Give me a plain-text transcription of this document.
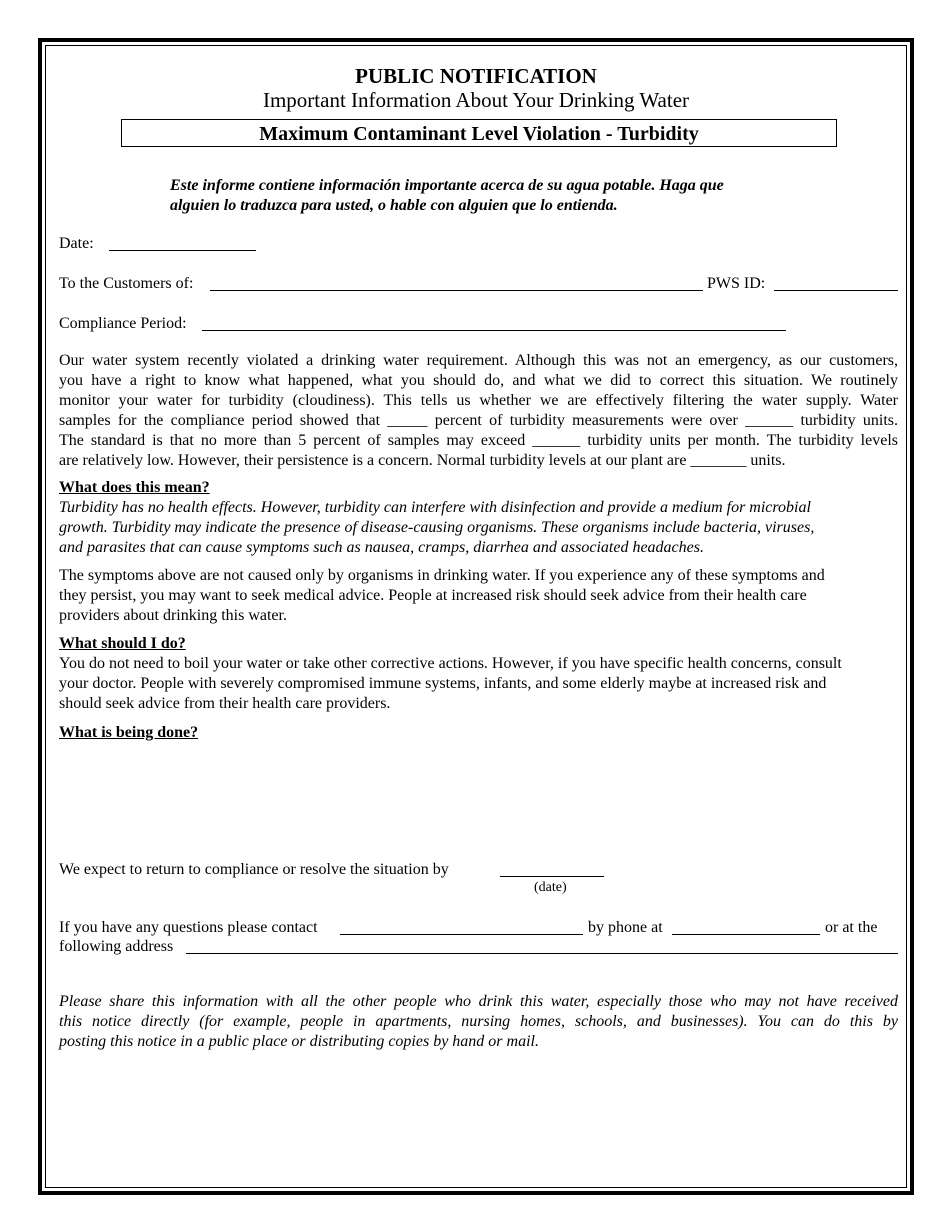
PUBLIC NOTIFICATION
Important Information About Your Drinking Water
Maximum Contaminant Level Violation - Turbidity
Este informe contiene información importante acerca de su agua potable. Haga que
alguien lo traduzca para usted, o hable con alguien que lo entienda.
Date:
To the Customers of:	PWS ID:
Compliance Period:
Our water system recently violated a drinking water requirement. Although this was not an emergency, as our customers,
you have a right to know what happened, what you should do, and what we did to correct this situation. We routinely
monitor your water for turbidity (cloudiness). This tells us whether we are effectively filtering the water supply. Water
samples for the compliance period showed that _____ percent of turbidity measurements were over ______ turbidity units.
The standard is that no more than 5 percent of samples may exceed ______ turbidity units per month. The turbidity levels
are relatively low. However, their persistence is a concern. Normal turbidity levels at our plant are _______ units.
What does this mean?
Turbidity has no health effects. However, turbidity can interfere with disinfection and provide a medium for microbial
growth. Turbidity may indicate the presence of disease-causing organisms. These organisms include bacteria, viruses,
and parasites that can cause symptoms such as nausea, cramps, diarrhea and associated headaches.
The symptoms above are not caused only by organisms in drinking water. If you experience any of these symptoms and
they persist, you may want to seek medical advice. People at increased risk should seek advice from their health care
providers about drinking this water.
What should I do?
You do not need to boil your water or take other corrective actions. However, if you have specific health concerns, consult
your doctor. People with severely compromised immune systems, infants, and some elderly maybe at increased risk and
should seek advice from their health care providers.
What is being done?
We expect to return to compliance or resolve the situation by
(date)
If you have any questions please contact	by phone at	or at the
following address
Please share this information with all the other people who drink this water, especially those who may not have received
this notice directly (for example, people in apartments, nursing homes, schools, and businesses). You can do this by
posting this notice in a public place or distributing copies by hand or mail.
